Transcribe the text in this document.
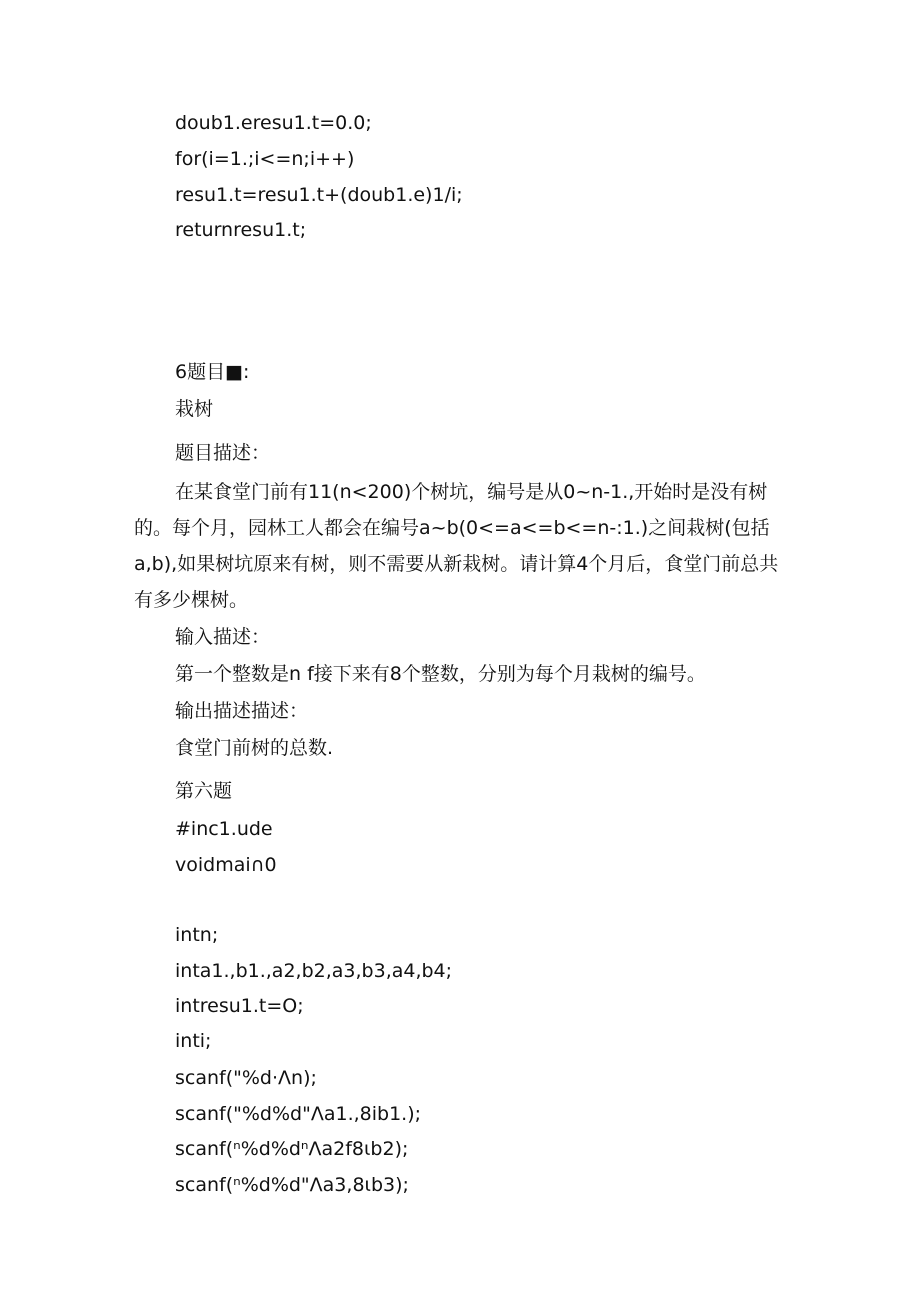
doub1.eresu1.t=0.0;
for(i=1.;i<=n;i++)
resu1.t=resu1.t+(doub1.e)1∕i;
returnresu1.t;
6题目■:
栽树
题目描述：

在某食堂门前有11(n<200)个树坑，编号是从0~n-1.,开始时是没有树的。每个月，园林工人都会在编号a~b(0<=a<=b<=n-:1.)之间栽树(包括a,b),如果树坑原来有树，则不需要从新栽树。请计算4个月后，食堂门前总共有多少棵树。

输入描述：
第一个整数是n f接下来有8个整数，分别为每个月栽树的编号。
输出描述描述：
食堂门前树的总数.
第六题
#inc1.ude
voidmai∩0
intn;
inta1.,b1.,a2,b2,a3,b3,a4,b4;
intresu1.t=O;
inti;
scanf("%d·Λn);
scanf("%d%d"Λa1.,8ib1.);
scanf(ⁿ%d%dⁿΛa2f8ιb2);
scanf(ⁿ%d%d"Λa3,8ιb3);
